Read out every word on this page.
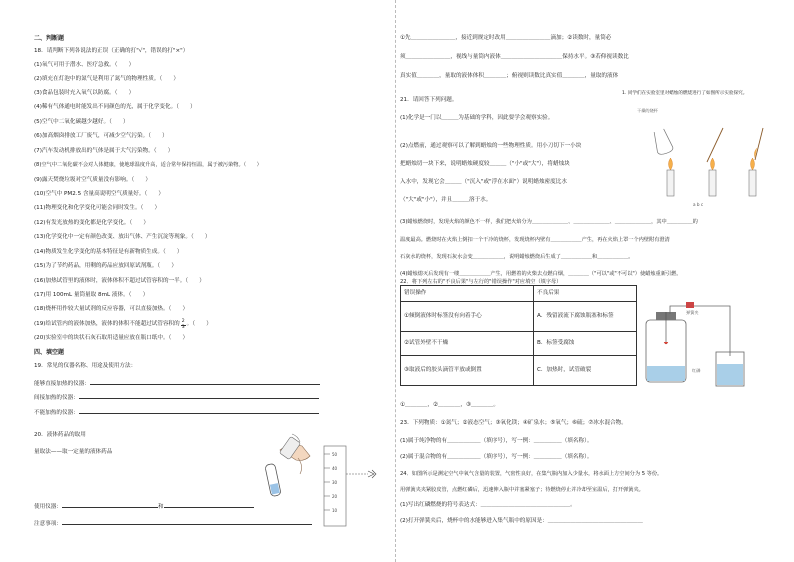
二、判断题
18．请判断下列各说法的正误（正确的打"√"，错误的打"×"）
(1)氧气可用于潜水、医疗急救。（　　）
(2)填充在灯泡中的氮气是利用了氮气的物理性质。（　　）
(3)食品包装时充入氧气以防腐。（　　）
(4)稀有气体通电时能发出不同颜色的光，属于化学变化。（　　）
(5)空气中二氧化碳越少越好。（　　）
(6)加高烟囱排放工厂废气，可减少空气污染。（　　）
(7)汽车发动机排放出的气体是属于大气污染物。（　　）
(8)空气中二氧化碳不会对人体健康，使地球温度升高，适合常年保持恒温，属于被污染物。（　　）
(9)露天焚烧垃圾对空气质量没有影响。（　　）
(10)空气中 PM2.5 含量高说明空气质量好。（　　）
(11)物理变化和化学变化可能会同时发生。（　　）
(12)有发光放热的变化都是化学变化。（　　）
(13)化学变化中一定有颜色改变、放出气体、产生沉淀等现象。（　　）
(14)物质发生化学变化的基本特征是有新物质生成。（　　）
(15)为了节约药品，用剩的药品应放回原试剂瓶。（　　）
(16)加热试管里的液体时，液体体积不超过试管容积的一半。（　　）
(17)用 100mL 量筒量取 8mL 液体。（　　）
(18)烧杯用作较大量试剂的反应容器，可以直接加热。（　　）
(19)给试管内的液体加热，液体的体积不能超过试管容积的 $\frac{2}{3}$ 。（　　）
(20)实验室中的块状石灰石取用适量应放在瓶口纸中。（　　）
四、填空题
19．常见的仪器名称、用途及使用方法：
能够直接加热的仪器：
间接加热的仪器：
不能加热的仪器：
20．液体药品的取用
量取法——取一定量的液体药品
使用仪器：	和
注意事项：
50
40
30
20
10
①先＿＿＿＿＿＿＿＿，接近到规定时改用＿＿＿＿＿＿＿＿滴加；②读数时，量筒必
须＿＿＿＿＿＿＿＿，视线与量筒内液体＿＿＿＿＿＿＿＿＿＿＿保持水平。③若仰视读数比
真实值＿＿＿＿，量取的液体体积＿＿＿＿；俯视则读数比真实值＿＿＿＿，量取的液体
21．请回答下列问题。
(1)化学是一门以＿＿＿为基础的学科，因此要学会观察实验。
(2)点燃前，通过观察可以了解到蜡烛的一些物理性质。用小刀切下一小块
把蜡烛切一块下来，说明蜡烛硬度较＿＿＿（"小"或"大"），将蜡烛块
入水中，发现它会＿＿＿（"沉入"或"浮在水面"）说明蜡烛密度比水
（"大"或"小"），并且＿＿＿溶于水。
(3)蜡烛燃烧时，发现火焰的颜色不一样，我们把火焰分为＿＿＿＿＿＿＿、＿＿＿＿＿＿＿、＿＿＿＿＿＿＿，其中＿＿＿＿＿的
温度最高。燃烧时在火焰上倒扣一个干冷的烧杯，发现烧杯内壁有＿＿＿＿＿＿产生，再在火焰上罩一个内壁附有澄清
石灰水的烧杯，发现石灰水会变＿＿＿＿＿＿，说明蜡烛燃烧后生成了＿＿＿＿＿＿和＿＿＿＿＿＿。
(4)蜡烛熄灭后发现有一缕＿＿＿＿＿＿产生，用燃着的火柴去点燃白烟，＿＿＿＿（"可以"或"不可以"）使蜡烛重新引燃。
1. 同学们在实验室里对蜡烛的燃烧进行了如图所示实验探究。
干燥的烧杯
a b c
22．将下列左右的"不良后果"与左行的"错误操作"对应填空（填字母）
错误操作	不良后果
①倾倒液体时标签没有向着手心	A．残留液流下腐蚀瓶塞和标签
②试管外壁不干燥	B．标签受腐蚀
③取液后的胶头滴管平放或倒置	C．加热时，试管破裂
①＿＿＿＿，②＿＿＿＿，③＿＿＿＿。
红磷
弹簧夹
23．下列物质：①氮气；②液态空气；③氧化镁；④矿泉水；⑤氧气；⑥硫；⑦冰水混合物。
(1)属于纯净物的有＿＿＿＿＿＿（填序号），写一例：＿＿＿＿＿（填名称）。
(2)属于混合物的有＿＿＿＿＿＿（填序号），写一例：＿＿＿＿＿（填名称）。
24．如图所示是测定空气中氧气含量的装置，气密性良好，在集气瓶内加入少量水，将水面上方空间分为 5 等份。
用弹簧夹夹紧胶皮管，点燃红磷后，迅速伸入瓶中并塞紧塞子；待燃烧停止并冷却至室温后，打开弹簧夹。
(1)写出红磷燃烧的符号表达式：＿＿＿＿＿＿＿＿＿＿＿＿＿＿＿＿。
(2)打开弹簧夹后，烧杯中的水能够进入集气瓶中的原因是：＿＿＿＿＿＿＿＿＿＿＿＿＿＿＿＿＿
